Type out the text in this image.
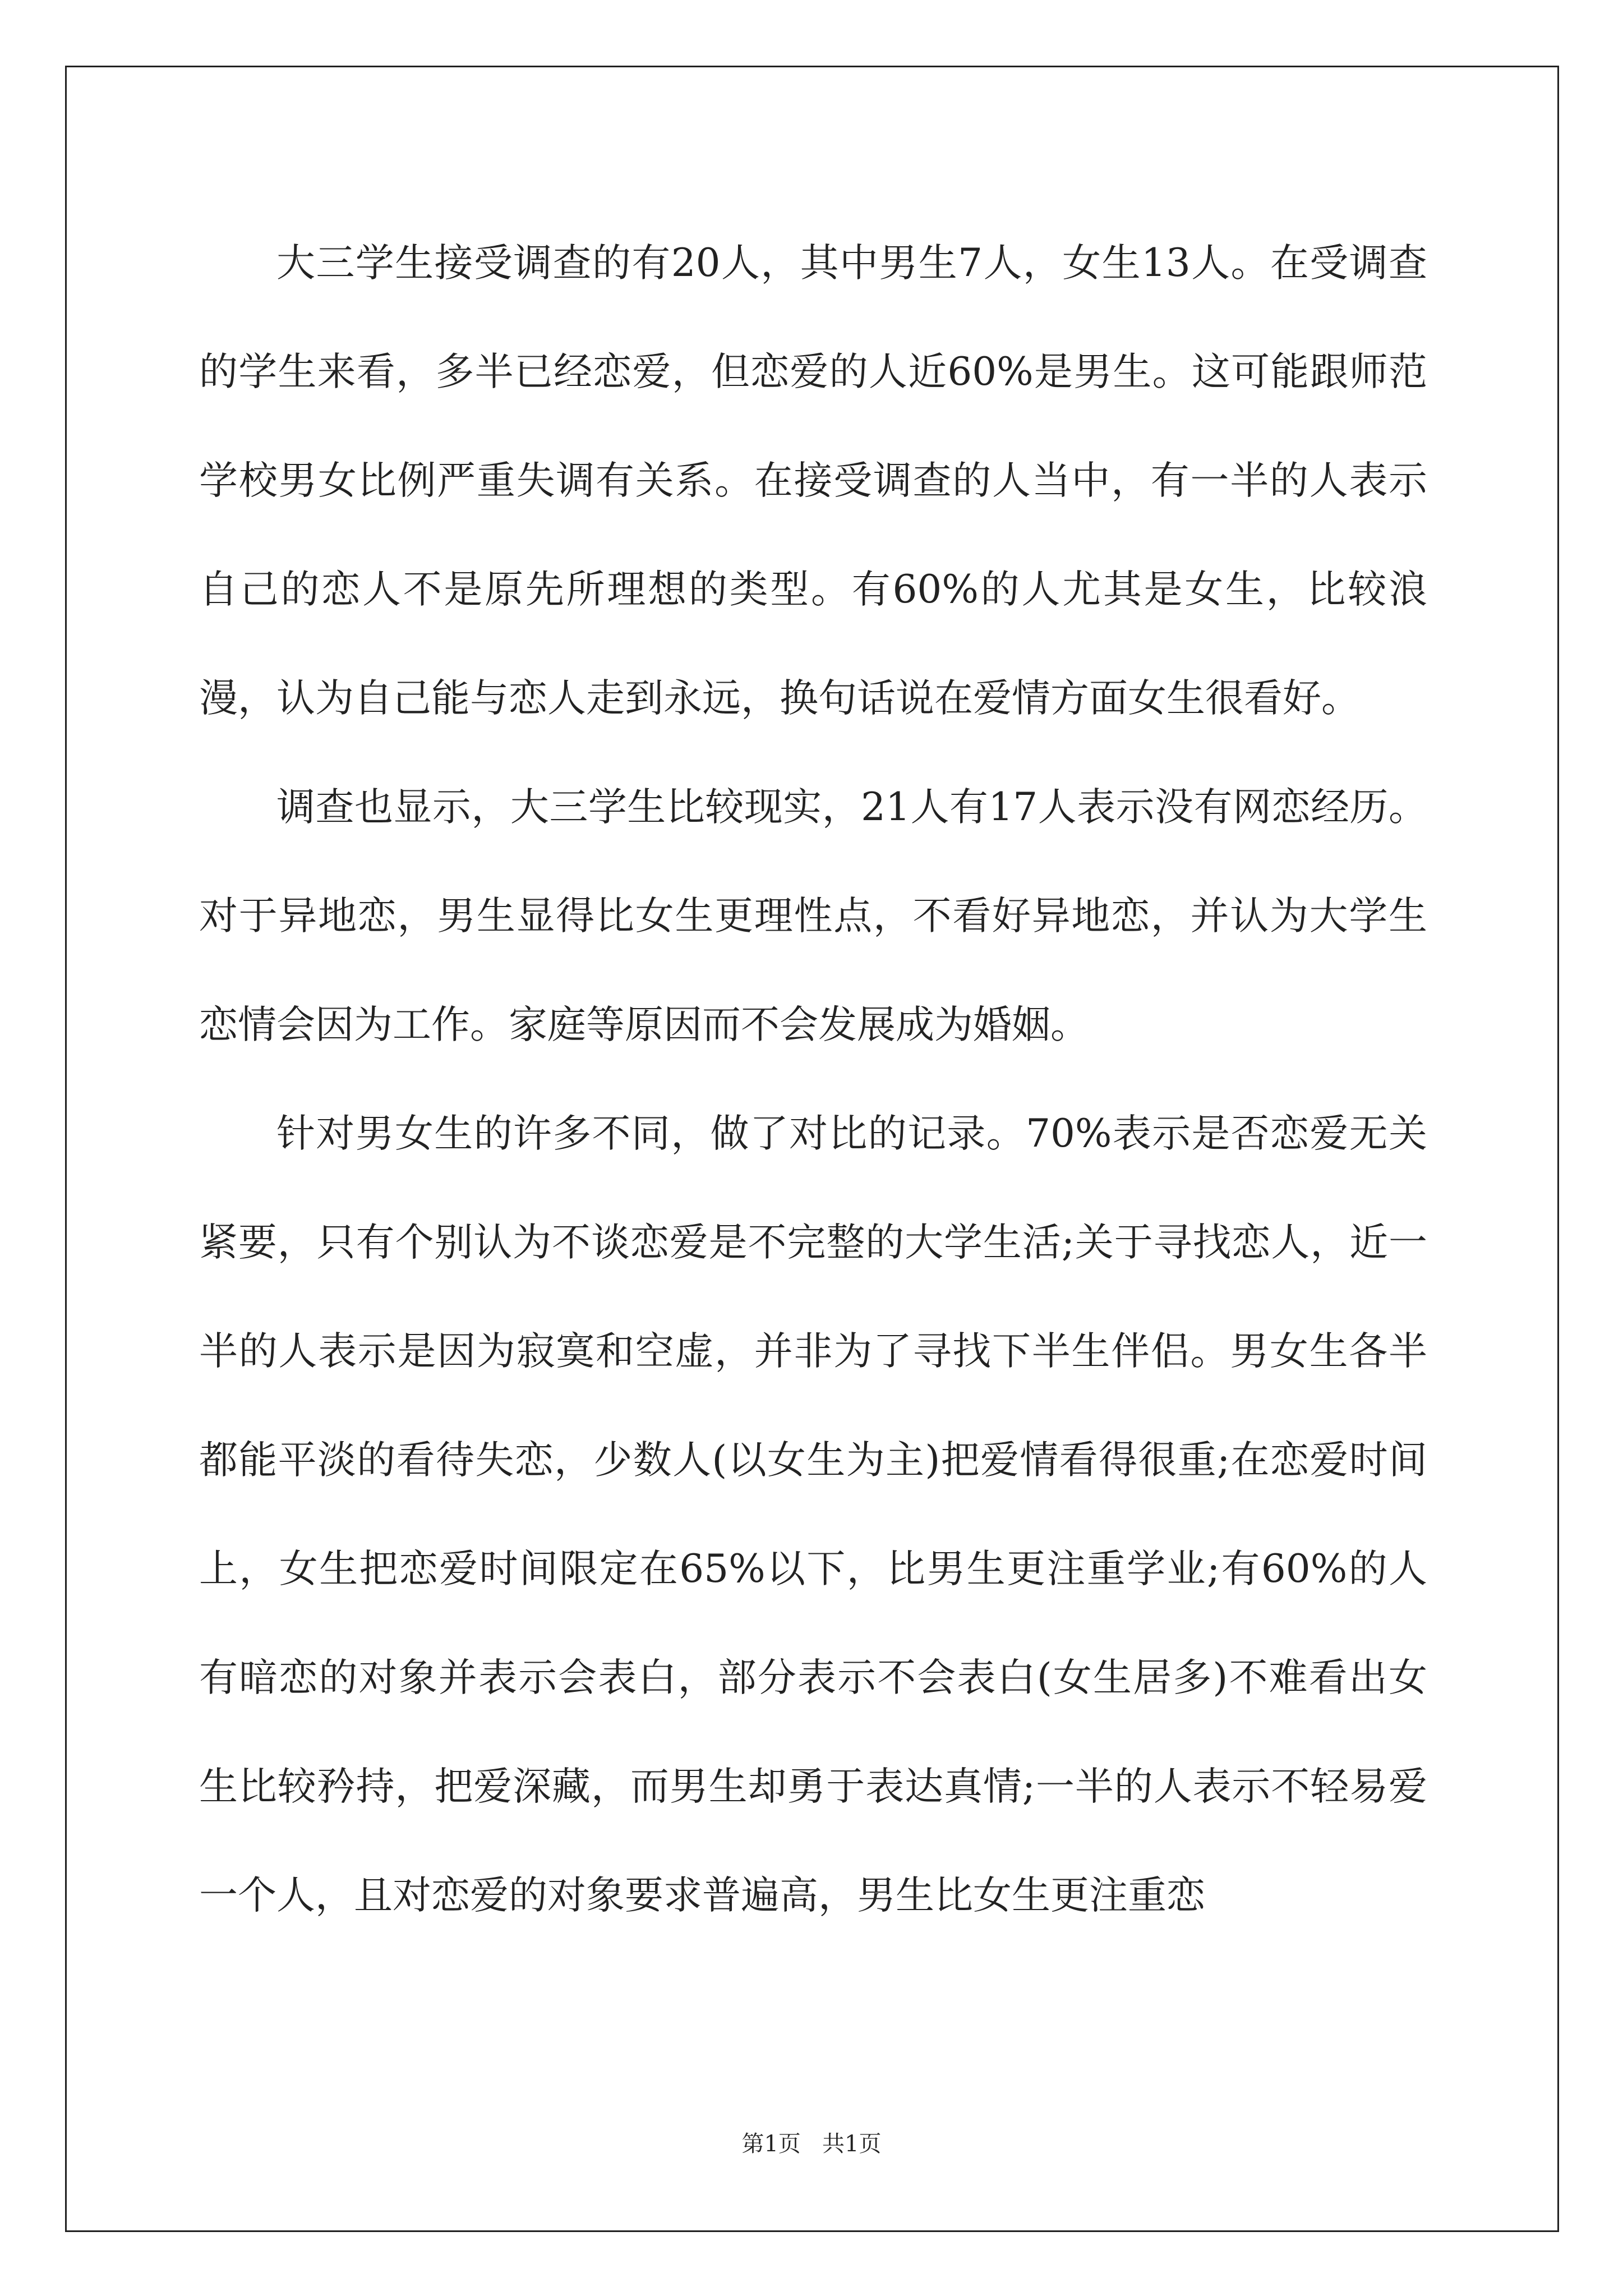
大三学生接受调查的有20人，其中男生7人，女生13人。在受调查的学生来看，多半已经恋爱，但恋爱的人近60%是男生。这可能跟师范学校男女比例严重失调有关系。在接受调查的人当中，有一半的人表示自己的恋人不是原先所理想的类型。有60%的人尤其是女生，比较浪漫，认为自己能与恋人走到永远，换句话说在爱情方面女生很看好。

调查也显示，大三学生比较现实，21人有17人表示没有网恋经历。对于异地恋，男生显得比女生更理性点，不看好异地恋，并认为大学生恋情会因为工作。家庭等原因而不会发展成为婚姻。

针对男女生的许多不同，做了对比的记录。70%表示是否恋爱无关紧要，只有个别认为不谈恋爱是不完整的大学生活;关于寻找恋人，近一半的人表示是因为寂寞和空虚，并非为了寻找下半生伴侣。男女生各半都能平淡的看待失恋，少数人(以女生为主)把爱情看得很重;在恋爱时间上，女生把恋爱时间限定在65%以下，比男生更注重学业;有60%的人有暗恋的对象并表示会表白，部分表示不会表白(女生居多)不难看出女生比较矜持，把爱深藏，而男生却勇于表达真情;一半的人表示不轻易爱一个人，且对恋爱的对象要求普遍高，男生比女生更注重恋

第1页   共1页
